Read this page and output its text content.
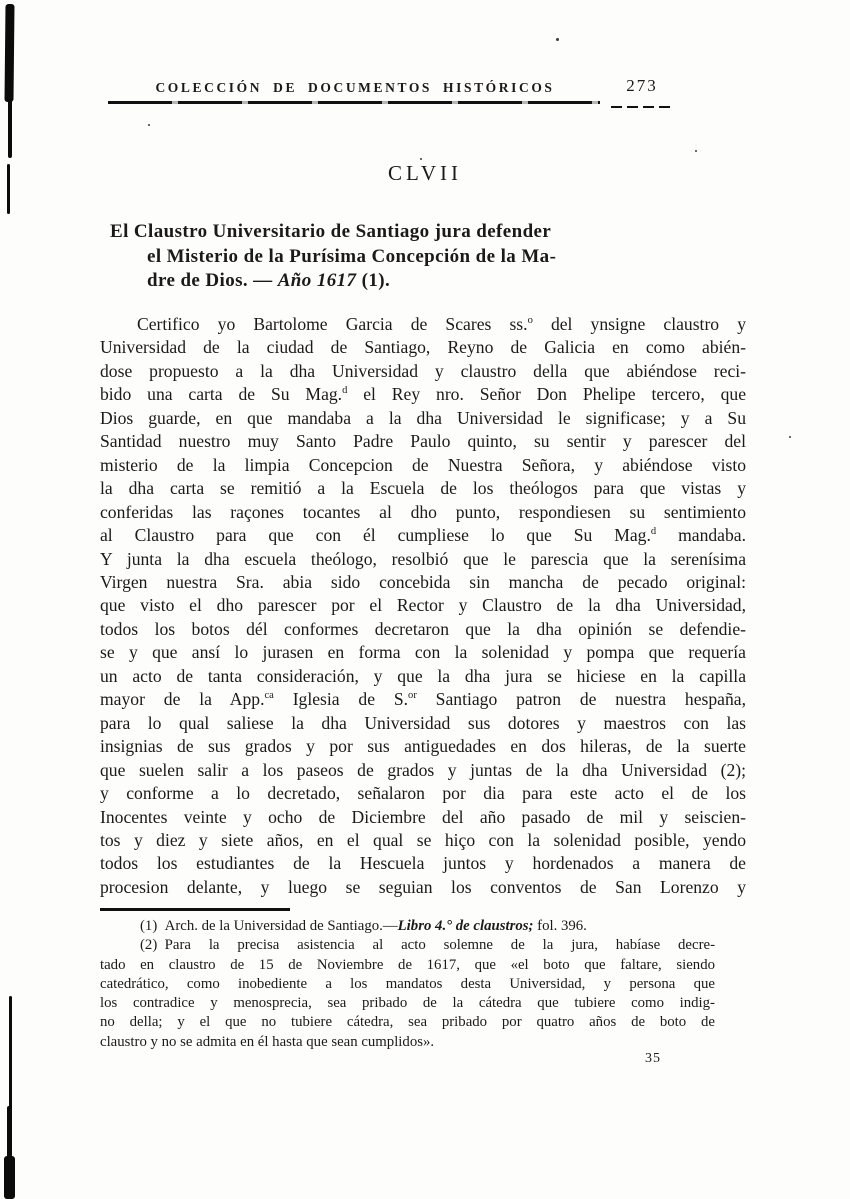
COLECCIÓN DE DOCUMENTOS HISTÓRICOS	273
CLVII
El Claustro Universitario de Santiago jura defender
el Misterio de la Purísima Concepción de la Ma-
dre de Dios. — Año 1617 (1).
Certifico yo Bartolome Garcia de Scares ss.$^o$ del ynsigne claustro y
Universidad de la ciudad de Santiago, Reyno de Galicia en como abién-
dose propuesto a la dha Universidad y claustro della que abiéndose reci-
bido una carta de Su Mag.$^d$ el Rey nro. Señor Don Phelipe tercero, que
Dios guarde, en que mandaba a la dha Universidad le significase; y a Su
Santidad nuestro muy Santo Padre Paulo quinto, su sentir y parescer del
misterio de la limpia Concepcion de Nuestra Señora, y abiéndose visto
la dha carta se remitió a la Escuela de los theólogos para que vistas y
conferidas las raçones tocantes al dho punto, respondiesen su sentimiento
al Claustro para que con él cumpliese lo que Su Mag.$^d$ mandaba.
Y junta la dha escuela theólogo, resolbió que le parescia que la serenísima
Virgen nuestra Sra. abia sido concebida sin mancha de pecado original:
que visto el dho parescer por el Rector y Claustro de la dha Universidad,
todos los botos dél conformes decretaron que la dha opinión se defendie-
se y que ansí lo jurasen en forma con la solenidad y pompa que requería
un acto de tanta consideración, y que la dha jura se hiciese en la capilla
mayor de la App.$^{ca}$ Iglesia de S.$^{or}$ Santiago patron de nuestra hespaña,
para lo qual saliese la dha Universidad sus dotores y maestros con las
insignias de sus grados y por sus antiguedades en dos hileras, de la suerte
que suelen salir a los paseos de grados y juntas de la dha Universidad (2);
y conforme a lo decretado, señalaron por dia para este acto el de los
Inocentes veinte y ocho de Diciembre del año pasado de mil y seiscien-
tos y diez y siete años, en el qual se hiço con la solenidad posible, yendo
todos los estudiantes de la Hescuela juntos y hordenados a manera de
procesion delante, y luego se seguian los conventos de San Lorenzo y
(1) Arch. de la Universidad de Santiago.—Libro 4.° de claustros; fol. 396.
(2) Para la precisa asistencia al acto solemne de la jura, habíase decre-
tado en claustro de 15 de Noviembre de 1617, que «el boto que faltare, siendo
catedrático, como inobediente a los mandatos desta Universidad, y persona que
los contradice y menosprecia, sea pribado de la cátedra que tubiere como indig-
no della; y el que no tubiere cátedra, sea pribado por quatro años de boto de
claustro y no se admita en él hasta que sean cumplidos».
35
